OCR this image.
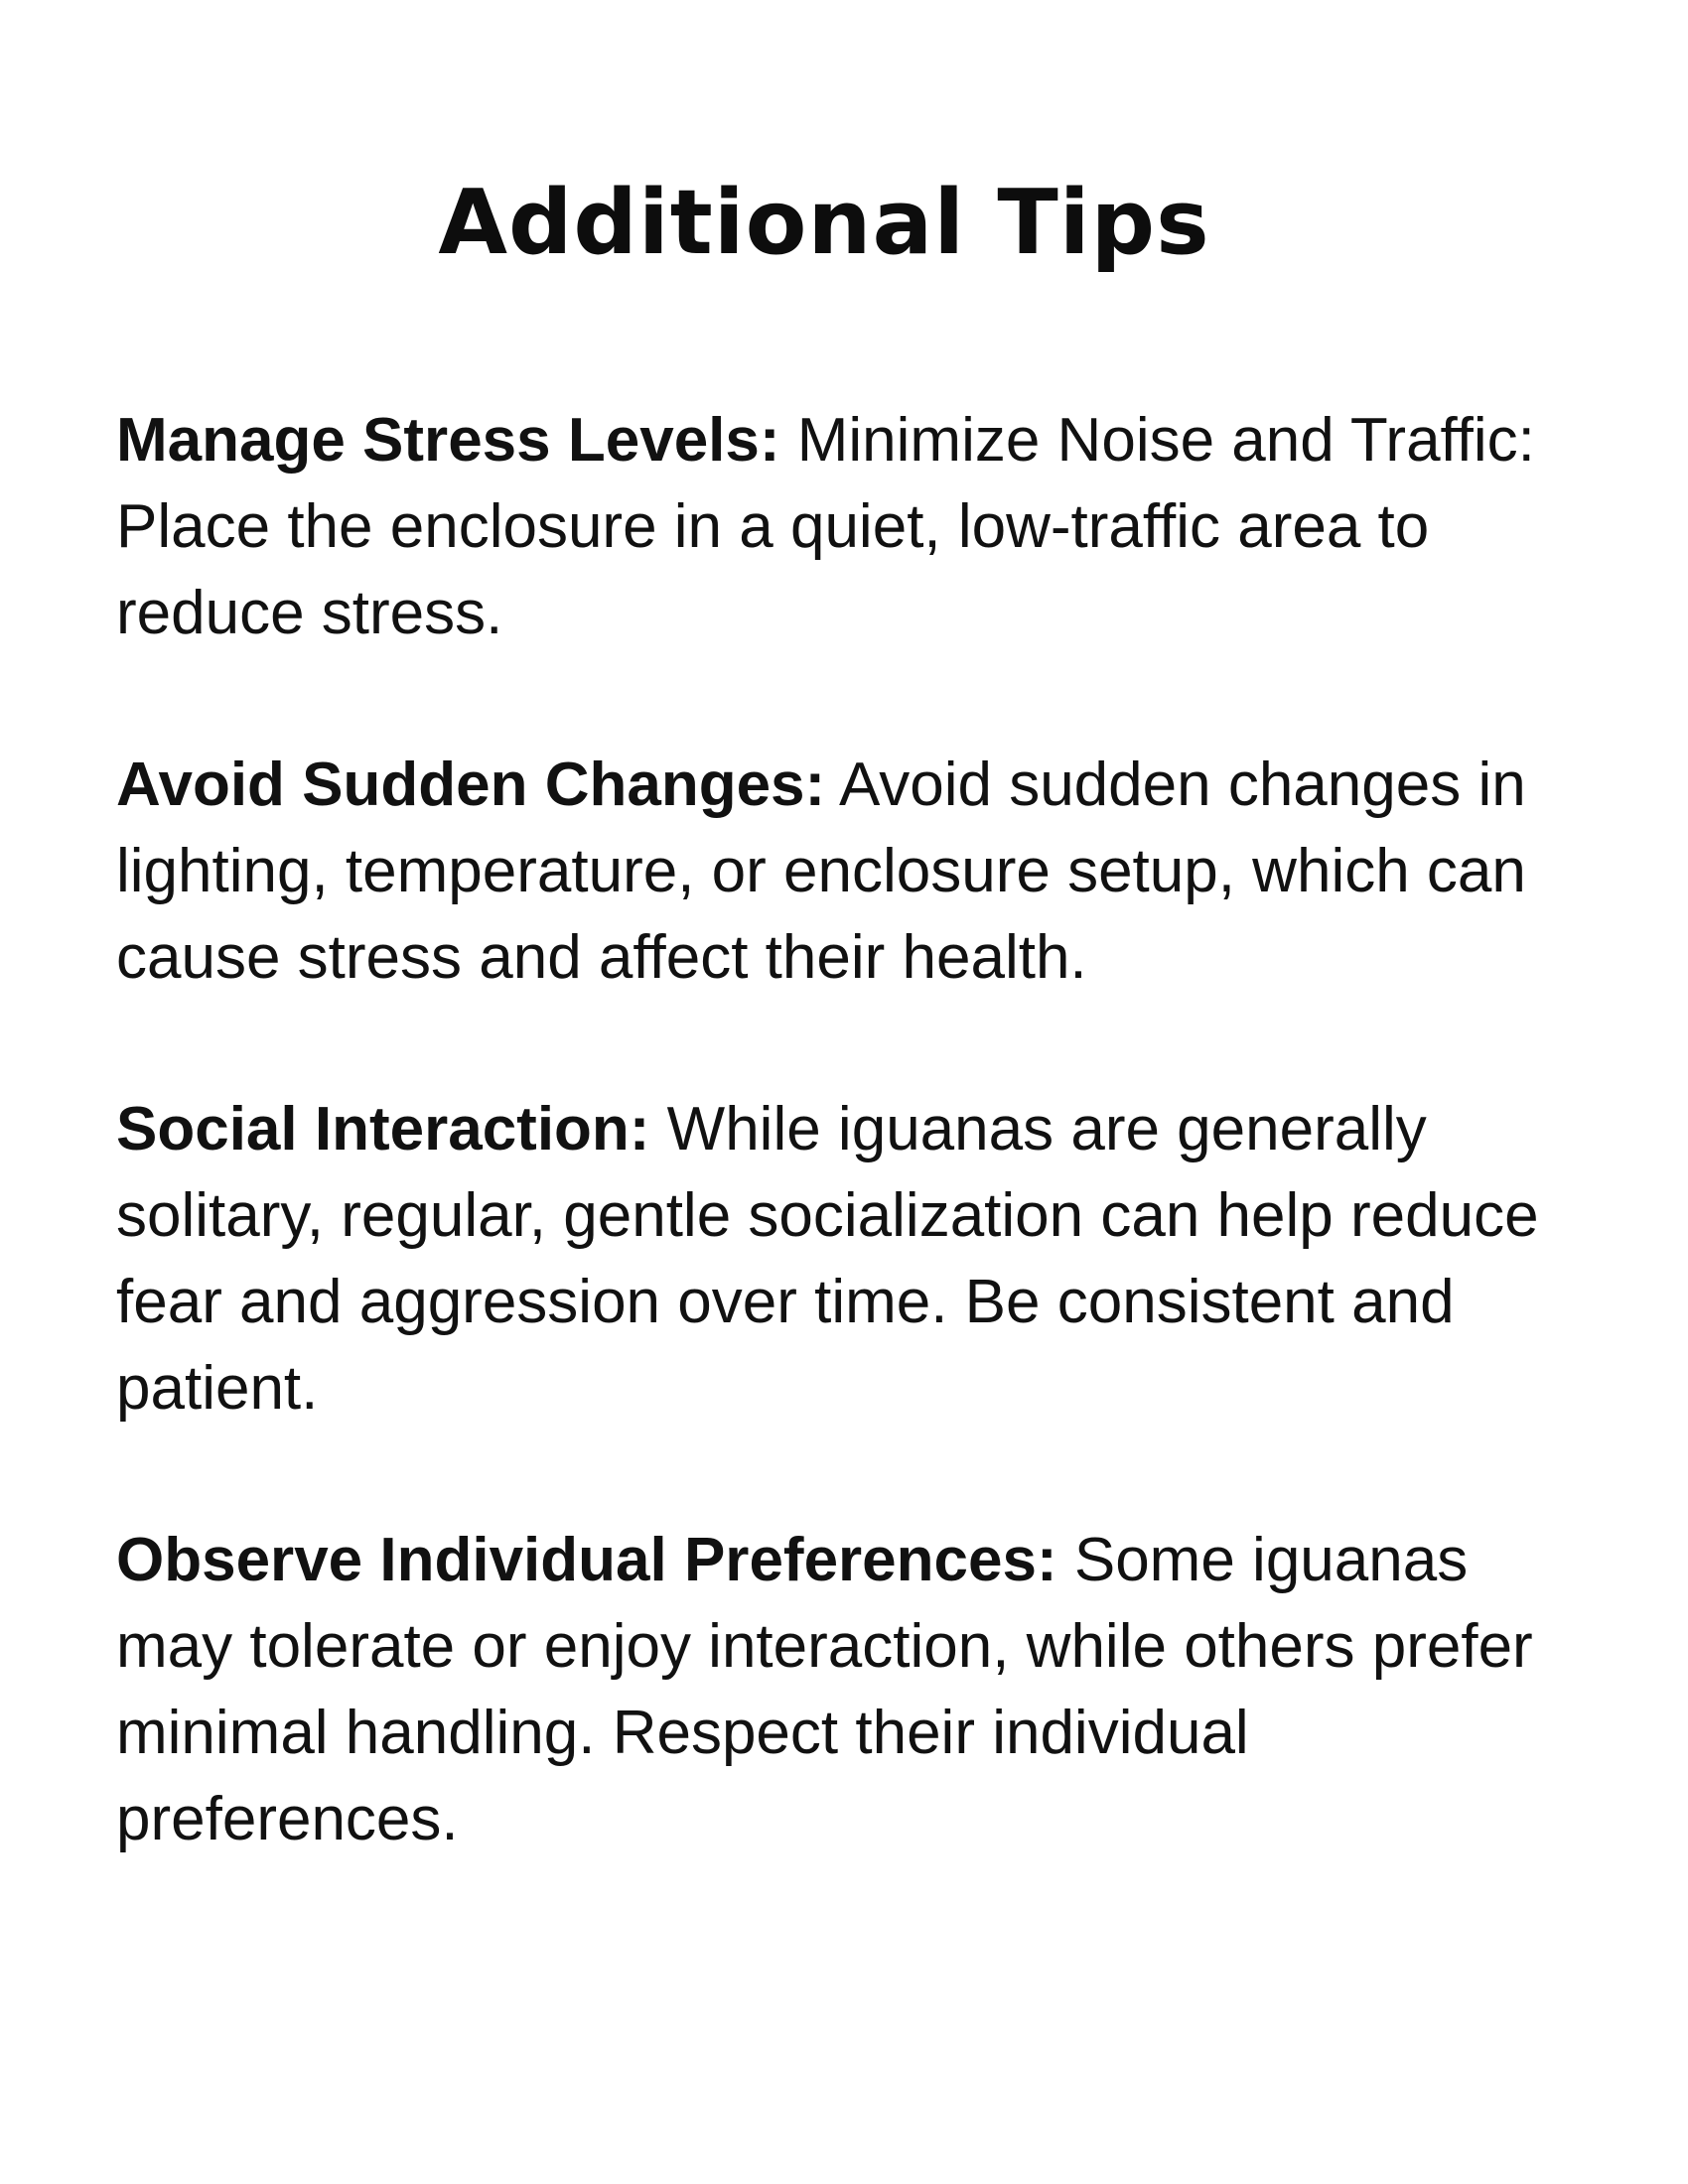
Additional Tips

Manage Stress Levels: Minimize Noise and Traffic: Place the enclosure in a quiet, low-traffic area to reduce stress.

Avoid Sudden Changes: Avoid sudden changes in lighting, temperature, or enclosure setup, which can cause stress and affect their health.

Social Interaction: While iguanas are generally solitary, regular, gentle socialization can help reduce fear and aggression over time. Be consistent and patient.

Observe Individual Preferences: Some iguanas may tolerate or enjoy interaction, while others prefer minimal handling. Respect their individual preferences.
